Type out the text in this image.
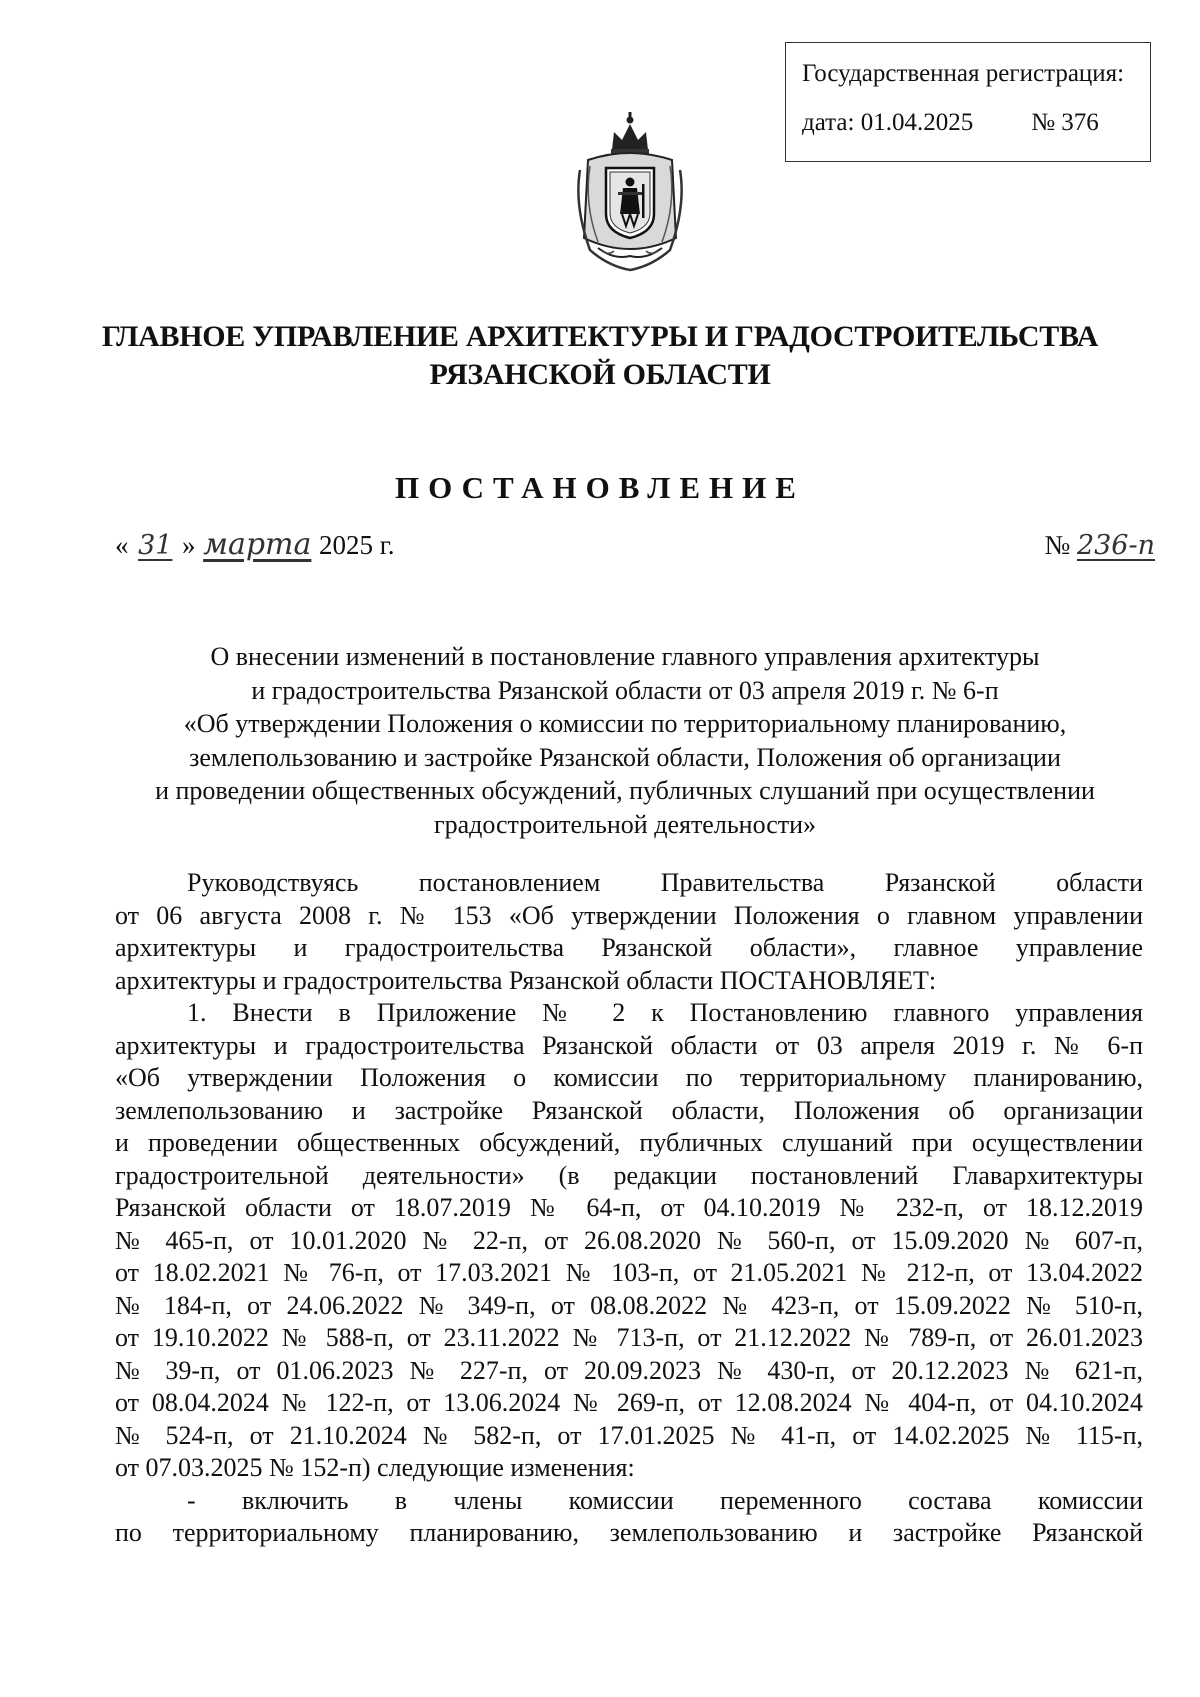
Государственная регистрация:
дата: 01.04.2025 № 376
ГЛАВНОЕ УПРАВЛЕНИЕ АРХИТЕКТУРЫ И ГРАДОСТРОИТЕЛЬСТВА
РЯЗАНСКОЙ ОБЛАСТИ
ПОСТАНОВЛЕНИЕ
« 31 » марта 2025 г.	№ 236-п
О внесении изменений в постановление главного управления архитектуры
и градостроительства Рязанской области от 03 апреля 2019 г. № 6-п
«Об утверждении Положения о комиссии по территориальному планированию,
землепользованию и застройке Рязанской области, Положения об организации
и проведении общественных обсуждений, публичных слушаний при осуществлении
градостроительной деятельности»
Руководствуясь постановлением Правительства Рязанской области
от 06 августа 2008 г. № 153 «Об утверждении Положения о главном управлении
архитектуры и градостроительства Рязанской области», главное управление
архитектуры и градостроительства Рязанской области ПОСТАНОВЛЯЕТ:
1. Внести в Приложение № 2 к Постановлению главного управления
архитектуры и градостроительства Рязанской области от 03 апреля 2019 г. № 6-п
«Об утверждении Положения о комиссии по территориальному планированию,
землепользованию и застройке Рязанской области, Положения об организации
и проведении общественных обсуждений, публичных слушаний при осуществлении
градостроительной деятельности» (в редакции постановлений Главархитектуры
Рязанской области от 18.07.2019 № 64-п, от 04.10.2019 № 232-п, от 18.12.2019
№ 465-п, от 10.01.2020 № 22-п, от 26.08.2020 № 560-п, от 15.09.2020 № 607-п,
от 18.02.2021 № 76-п, от 17.03.2021 № 103-п, от 21.05.2021 № 212-п, от 13.04.2022
№ 184-п, от 24.06.2022 № 349-п, от 08.08.2022 № 423-п, от 15.09.2022 № 510-п,
от 19.10.2022 № 588-п, от 23.11.2022 № 713-п, от 21.12.2022 № 789-п, от 26.01.2023
№ 39-п, от 01.06.2023 № 227-п, от 20.09.2023 № 430-п, от 20.12.2023 № 621-п,
от 08.04.2024 № 122-п, от 13.06.2024 № 269-п, от 12.08.2024 № 404-п, от 04.10.2024
№ 524-п, от 21.10.2024 № 582-п, от 17.01.2025 № 41-п, от 14.02.2025 № 115-п,
от 07.03.2025 № 152-п) следующие изменения:
- включить в члены комиссии переменного состава комиссии
по территориальному планированию, землепользованию и застройке Рязанской
